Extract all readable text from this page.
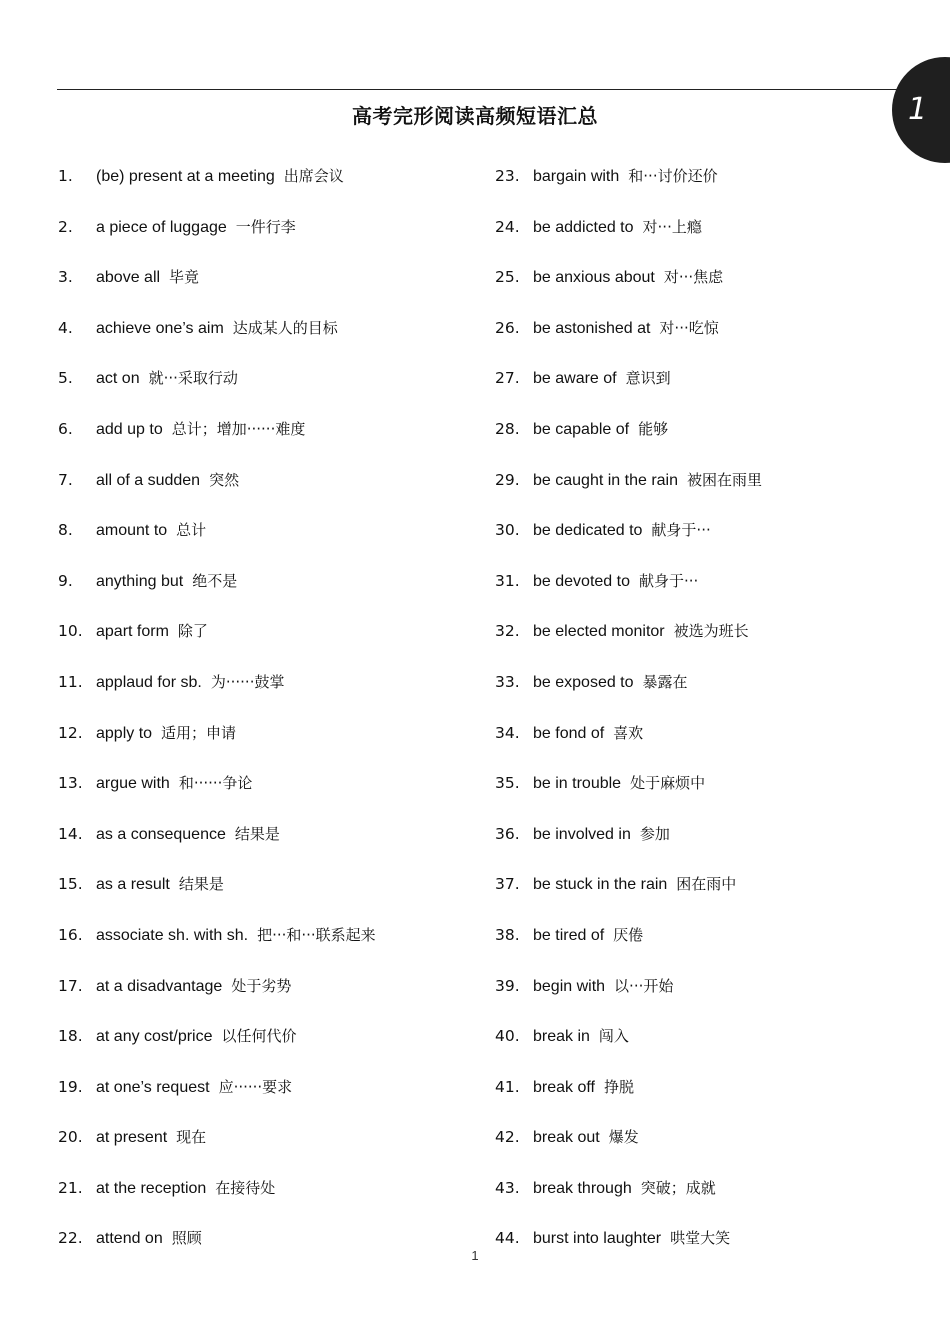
1
高考完形阅读高频短语汇总
1. (be) present at a meeting 出席会议
2. a piece of luggage 一件行李
3. above all 毕竟
4. achieve one’s aim 达成某人的目标
5. act on 就···采取行动
6. add up to 总计；增加······难度
7. all of a sudden 突然
8. amount to 总计
9. anything but 绝不是
10. apart form 除了
11. applaud for sb. 为······鼓掌
12. apply to 适用；申请
13. argue with 和······争论
14. as a consequence 结果是
15. as a result 结果是
16. associate sh. with sh. 把···和···联系起来
17. at a disadvantage 处于劣势
18. at any cost/price 以任何代价
19. at one’s request 应······要求
20. at present 现在
21. at the reception 在接待处
22. attend on 照顾
23. bargain with 和···讨价还价
24. be addicted to 对···上瘾
25. be anxious about 对···焦虑
26. be astonished at 对···吃惊
27. be aware of 意识到
28. be capable of 能够
29. be caught in the rain 被困在雨里
30. be dedicated to 献身于···
31. be devoted to 献身于···
32. be elected monitor 被选为班长
33. be exposed to 暴露在
34. be fond of 喜欢
35. be in trouble 处于麻烦中
36. be involved in 参加
37. be stuck in the rain 困在雨中
38. be tired of 厌倦
39. begin with 以···开始
40. break in 闯入
41. break off 挣脱
42. break out 爆发
43. break through 突破；成就
44. burst into laughter 哄堂大笑
1
